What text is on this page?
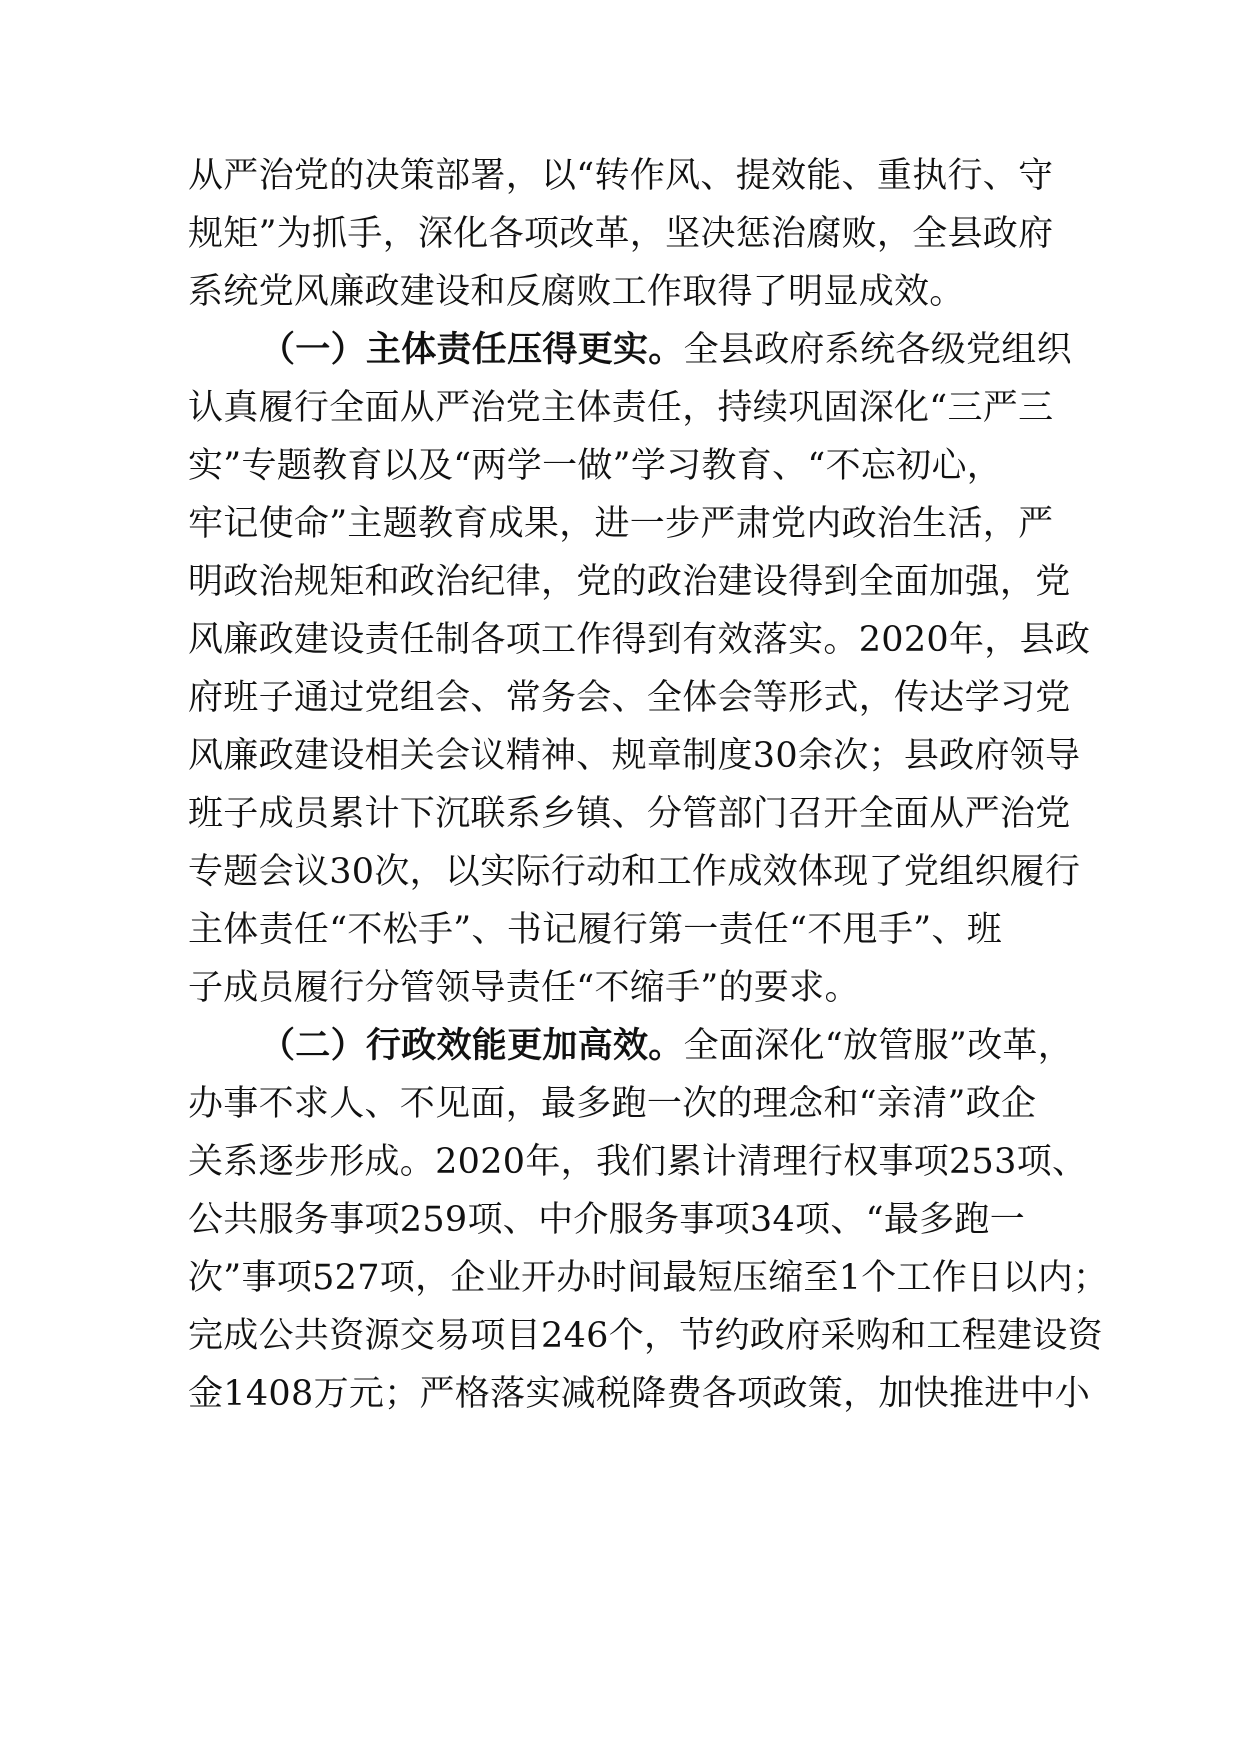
从严治党的决策部署，以“转作风、提效能、重执行、守
规矩”为抓手，深化各项改革，坚决惩治腐败，全县政府
系统党风廉政建设和反腐败工作取得了明显成效。
（一）主体责任压得更实。全县政府系统各级党组织
认真履行全面从严治党主体责任，持续巩固深化“三严三
实”专题教育以及“两学一做”学习教育、“不忘初心，
牢记使命”主题教育成果，进一步严肃党内政治生活，严
明政治规矩和政治纪律，党的政治建设得到全面加强，党
风廉政建设责任制各项工作得到有效落实。2020年，县政
府班子通过党组会、常务会、全体会等形式，传达学习党
风廉政建设相关会议精神、规章制度30余次；县政府领导
班子成员累计下沉联系乡镇、分管部门召开全面从严治党
专题会议30次，以实际行动和工作成效体现了党组织履行
主体责任“不松手”、书记履行第一责任“不甩手”、班
子成员履行分管领导责任“不缩手”的要求。
（二）行政效能更加高效。全面深化“放管服”改革，
办事不求人、不见面，最多跑一次的理念和“亲清”政企
关系逐步形成。2020年，我们累计清理行权事项253项、
公共服务事项259项、中介服务事项34项、“最多跑一
次”事项527项，企业开办时间最短压缩至1个工作日以内；
完成公共资源交易项目246个，节约政府采购和工程建设资
金1408万元；严格落实减税降费各项政策，加快推进中小
